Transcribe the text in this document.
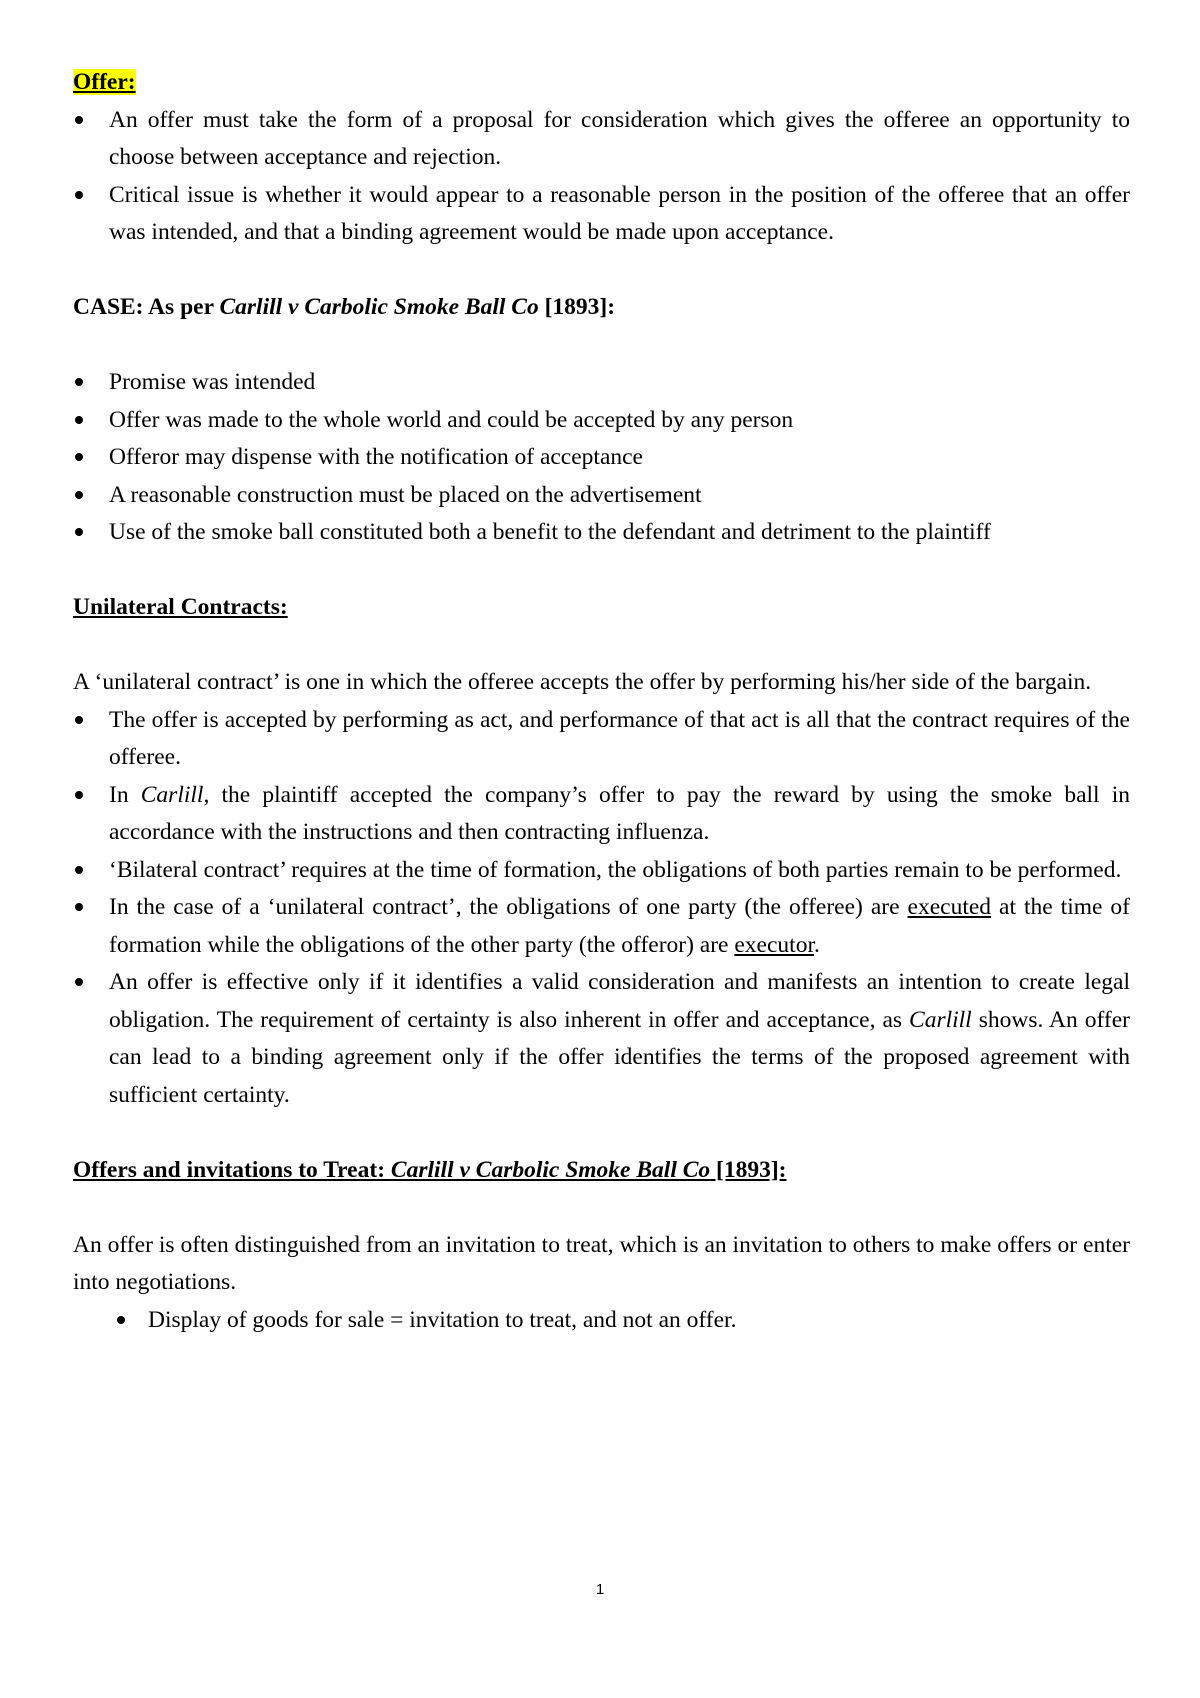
Offer:

An offer must take the form of a proposal for consideration which gives the offeree an opportunity to choose between acceptance and rejection.
Critical issue is whether it would appear to a reasonable person in the position of the offeree that an offer was intended, and that a binding agreement would be made upon acceptance.

CASE: As per Carlill v Carbolic Smoke Ball Co [1893]:

Promise was intended
Offer was made to the whole world and could be accepted by any person
Offeror may dispense with the notification of acceptance
A reasonable construction must be placed on the advertisement
Use of the smoke ball constituted both a benefit to the defendant and detriment to the plaintiff

Unilateral Contracts:

A ‘unilateral contract’ is one in which the offeree accepts the offer by performing his/her side of the bargain.

The offer is accepted by performing as act, and performance of that act is all that the contract requires of the offeree.
In Carlill, the plaintiff accepted the company’s offer to pay the reward by using the smoke ball in accordance with the instructions and then contracting influenza.
‘Bilateral contract’ requires at the time of formation, the obligations of both parties remain to be performed.
In the case of a ‘unilateral contract’, the obligations of one party (the offeree) are executed at the time of formation while the obligations of the other party (the offeror) are executor.
An offer is effective only if it identifies a valid consideration and manifests an intention to create legal obligation. The requirement of certainty is also inherent in offer and acceptance, as Carlill shows. An offer can lead to a binding agreement only if the offer identifies the terms of the proposed agreement with sufficient certainty.

Offers and invitations to Treat: Carlill v Carbolic Smoke Ball Co [1893]:

An offer is often distinguished from an invitation to treat, which is an invitation to others to make offers or enter into negotiations.

Display of goods for sale = invitation to treat, and not an offer.
1
